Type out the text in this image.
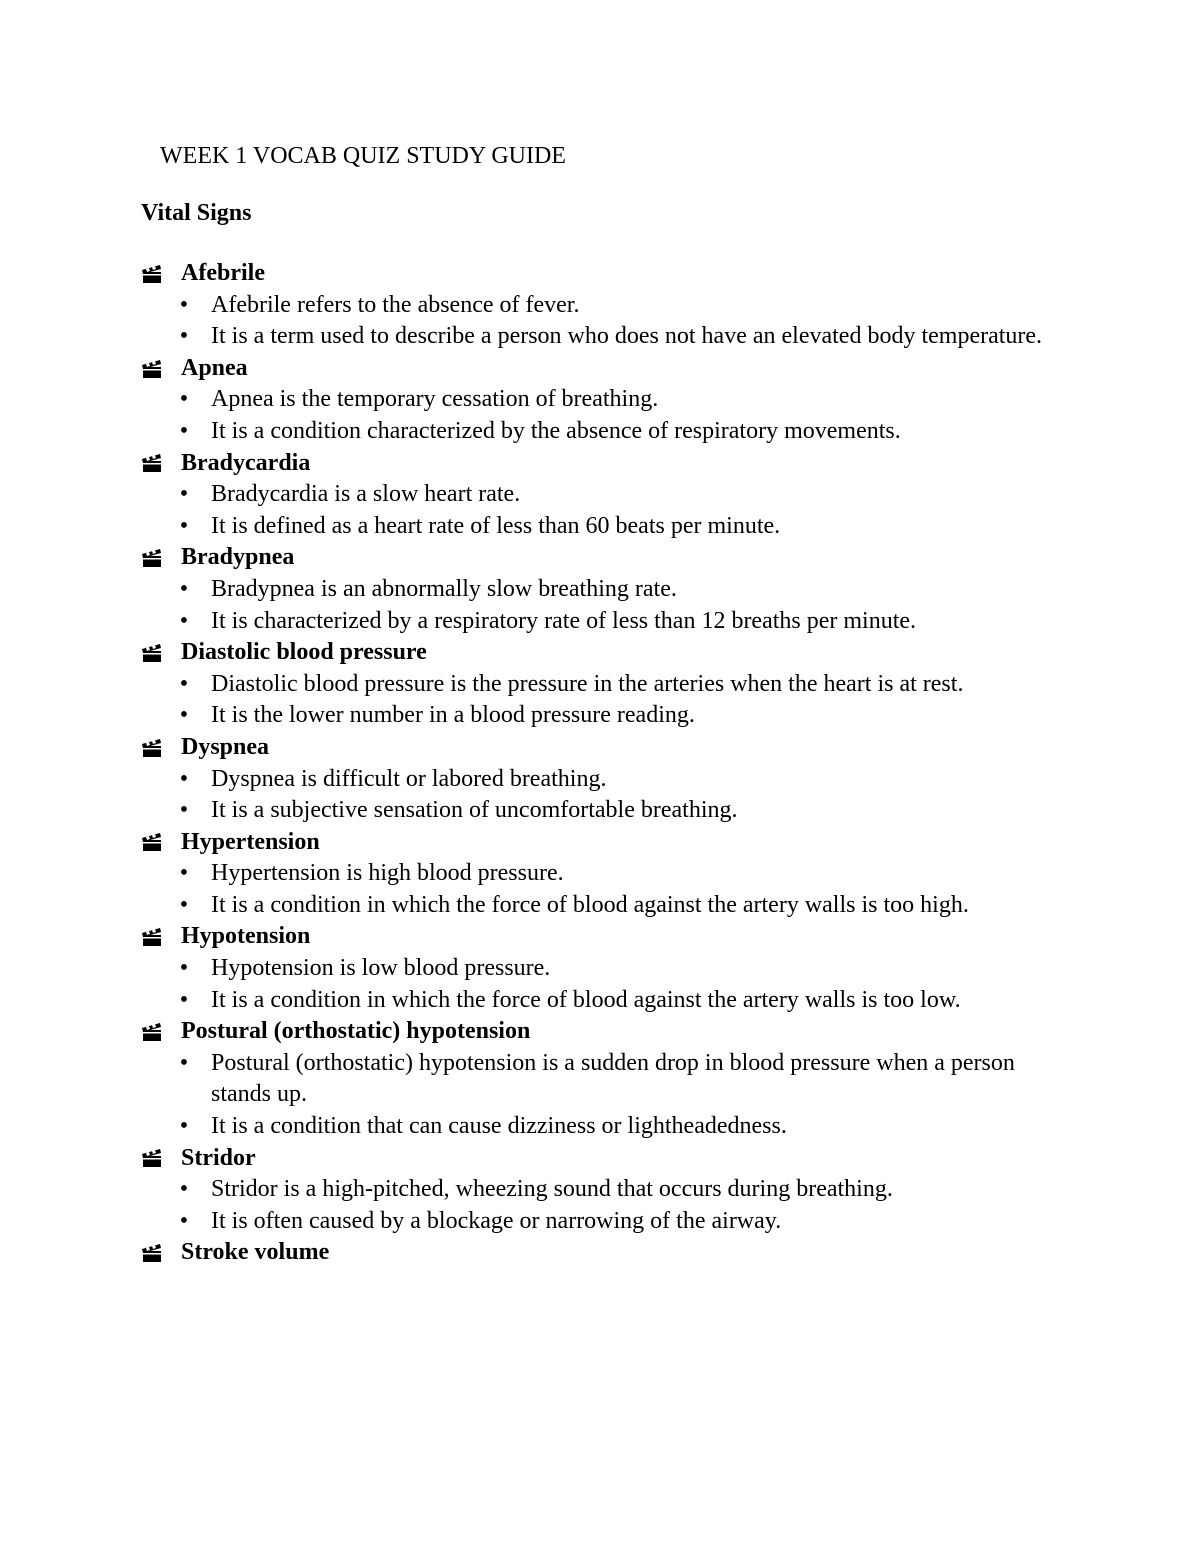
WEEK 1 VOCAB QUIZ STUDY GUIDE
Vital Signs
Afebrile
• Afebrile refers to the absence of fever.
• It is a term used to describe a person who does not have an elevated body temperature.
Apnea
• Apnea is the temporary cessation of breathing.
• It is a condition characterized by the absence of respiratory movements.
Bradycardia
• Bradycardia is a slow heart rate.
• It is defined as a heart rate of less than 60 beats per minute.
Bradypnea
• Bradypnea is an abnormally slow breathing rate.
• It is characterized by a respiratory rate of less than 12 breaths per minute.
Diastolic blood pressure
• Diastolic blood pressure is the pressure in the arteries when the heart is at rest.
• It is the lower number in a blood pressure reading.
Dyspnea
• Dyspnea is difficult or labored breathing.
• It is a subjective sensation of uncomfortable breathing.
Hypertension
• Hypertension is high blood pressure.
• It is a condition in which the force of blood against the artery walls is too high.
Hypotension
• Hypotension is low blood pressure.
• It is a condition in which the force of blood against the artery walls is too low.
Postural (orthostatic) hypotension
• Postural (orthostatic) hypotension is a sudden drop in blood pressure when a person stands up.
• It is a condition that can cause dizziness or lightheadedness.
Stridor
• Stridor is a high-pitched, wheezing sound that occurs during breathing.
• It is often caused by a blockage or narrowing of the airway.
Stroke volume
